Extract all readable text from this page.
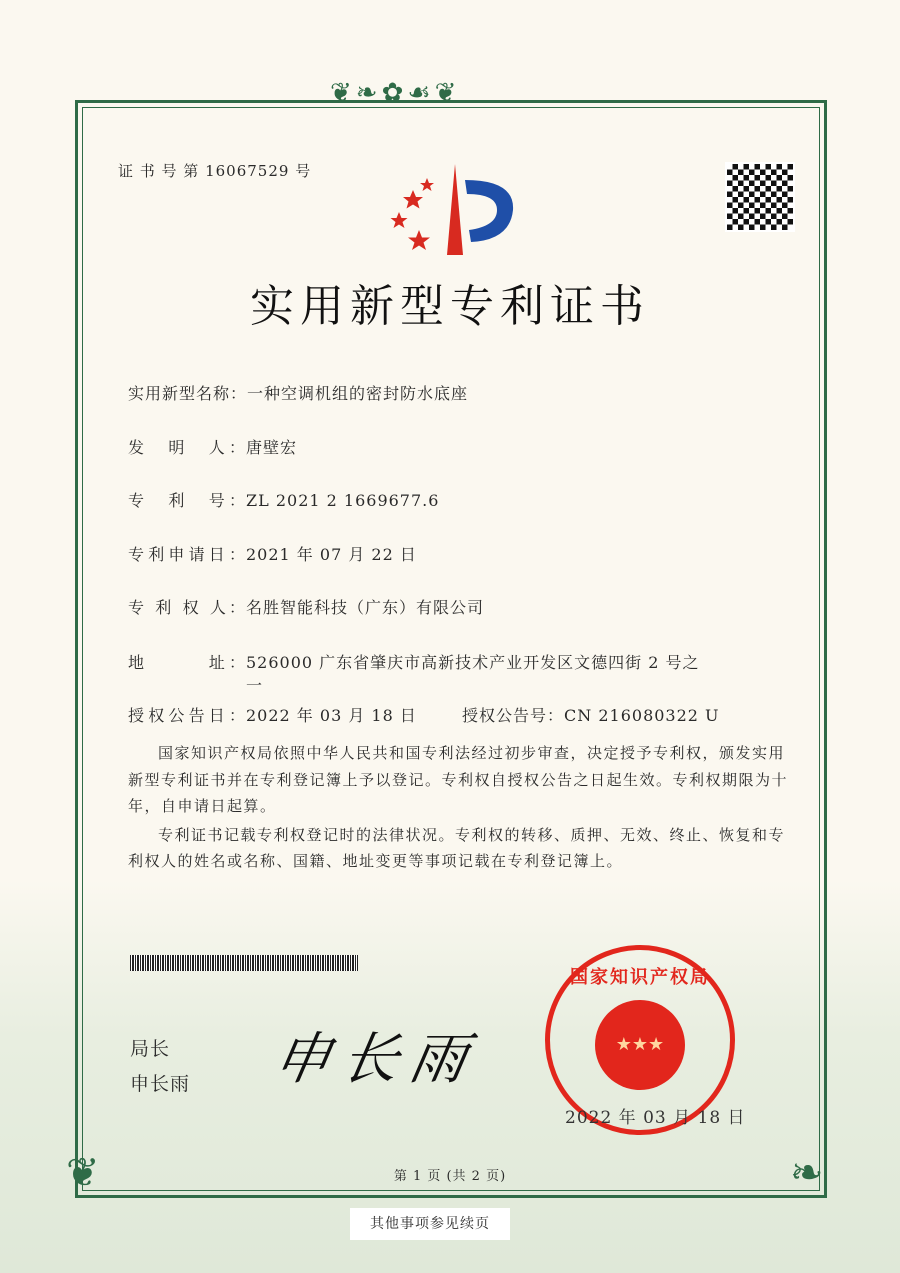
❦❧✿☙❦
❦	❧
证 书 号 第 16067529 号
实用新型专利证书
实用新型名称：一种空调机组的密封防水底座
发　明　人：唐壁宏
专　利　号：ZL 2021 2 1669677.6
专利申请日：2021 年 07 月 22 日
专 利 权 人：名胜智能科技（广东）有限公司
地　　　址：526000 广东省肇庆市高新技术产业开发区文德四街 2 号之
一
授权公告日：2022 年 03 月 18 日	授权公告号：CN 216080322 U

国家知识产权局依照中华人民共和国专利法经过初步审查，决定授予专利权，颁发实用新型专利证书并在专利登记簿上予以登记。专利权自授权公告之日起生效。专利权期限为十年，自申请日起算。

专利证书记载专利权登记时的法律状况。专利权的转移、质押、无效、终止、恢复和专利权人的姓名或名称、国籍、地址变更等事项记载在专利登记簿上。

局长
申长雨 申长雨
国家知识产权局
★★★
2022 年 03 月 18 日
第 1 页 (共 2 页)
其他事项参见续页
